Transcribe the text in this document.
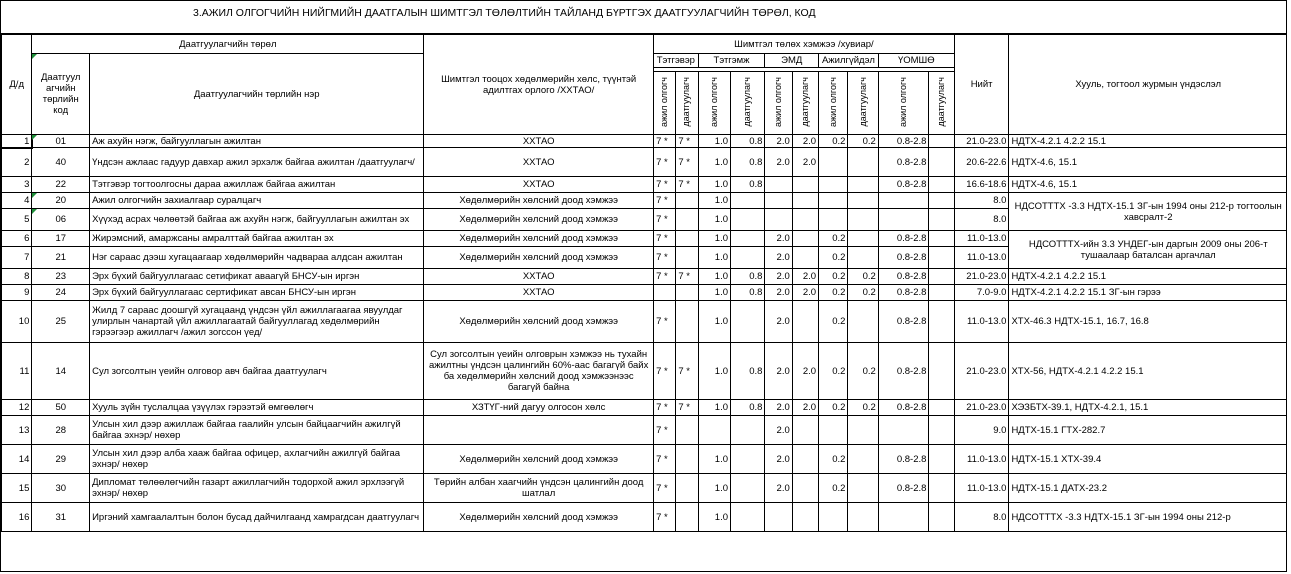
3.АЖИЛ ОЛГОГЧИЙН НИЙГМИЙН ДААТГАЛЫН ШИМТГЭЛ ТӨЛӨЛТИЙН ТАЙЛАНД БҮРТГЭХ ДААТГУУЛАГЧИЙН ТӨРӨЛ, КОД
Д/д	Даатгуулагчийн төрөл		Шимтгэл тооцох хөдөлмөрийн хөлс, түүнтэй адилтгах орлого /ХХТАО/	Шимтгэл төлөх хэмжээ /хувиар/										Нийт	Хууль, тогтоол журмын үндэслэл
	Даатгуул агчийн төрлийн код	Даатгуулагчийн төрлийн нэр		Тэтгэвэр		Тэтгэмж		ЭМД		Ажилгүйдэл		ҮОМШӨ			

				ажил олгогч	даатгуулагч	ажил олгогч	даатгуулагч	ажил олгогч	даатгуулагч	ажил олгогч	даатгуулагч	ажил олгогч	даатгуулагч		
1	01	Аж ахуйн нэгж, байгууллагын ажилтан	ХХТАО	7 *	7 *	1.0	0.8	2.0	2.0	0.2	0.2	0.8-2.8		21.0-23.0	НДТХ-4.2.1 4.2.2 15.1
2	40	Үндсэн ажлаас гадуур давхар ажил эрхэлж байгаа ажилтан /даатгуулагч/	ХХТАО	7 *	7 *	1.0	0.8	2.0	2.0			0.8-2.8		20.6-22.6	НДТХ-4.6, 15.1
3	22	Тэтгэвэр тогтоолгосны дараа ажиллаж байгаа ажилтан	ХХТАО	7 *	7 *	1.0	0.8					0.8-2.8		16.6-18.6	НДТХ-4.6, 15.1
4	20	Ажил олгогчийн захиалгаар суралцагч	Хөдөлмөрийн хөлсний доод хэмжээ	7 *		1.0								8.0	НДСОТТТХ -3.3 НДТХ-15.1 ЗГ-ын 1994 оны 212-р тогтоолын хавсралт-2
5	06	Хүүхэд асрах чөлөөтэй байгаа аж ахуйн нэгж, байгууллагын ажилтан эх	Хөдөлмөрийн хөлсний доод хэмжээ	7 *		1.0								8.0	
6	17	Жирэмсний, амаржсаны амралттай байгаа ажилтан эх	Хөдөлмөрийн хөлсний доод хэмжээ	7 *		1.0		2.0		0.2		0.8-2.8		11.0-13.0	НДСОТТТХ-ийн 3.3 УНДЕГ-ын даргын 2009 оны 206-т тушаалаар баталсан аргачлал
7	21	Нэг сараас дээш хугацаагаар хөдөлмөрийн чадвараа алдсан ажилтан	Хөдөлмөрийн хөлсний доод хэмжээ	7 *		1.0		2.0		0.2		0.8-2.8		11.0-13.0	
8	23	Эрх бүхий байгууллагаас сетификат аваагүй БНСУ-ын иргэн	ХХТАО	7 *	7 *	1.0	0.8	2.0	2.0	0.2	0.2	0.8-2.8		21.0-23.0	НДТХ-4.2.1 4.2.2 15.1
9	24	Эрх бүхий байгууллагаас сертификат авсан БНСУ-ын иргэн	ХХТАО			1.0	0.8	2.0	2.0	0.2	0.2	0.8-2.8		7.0-9.0	НДТХ-4.2.1 4.2.2 15.1 ЗГ-ын гэрээ
10	25	Жилд 7 сараас доошгүй хугацаанд үндсэн үйл ажиллагаагаа явуулдаг улирлын чанартай үйл ажиллагаатай байгууллагад хөдөлмөрийн гэрээгээр ажиллагч /ажил зогссон үед/	Хөдөлмөрийн хөлсний доод хэмжээ	7 *		1.0		2.0		0.2		0.8-2.8		11.0-13.0	ХТХ-46.3 НДТХ-15.1, 16.7, 16.8
11	14	Сул зогсолтын үеийн олговор авч байгаа даатгуулагч	Сул зогсолтын үеийн олговрын хэмжээ нь тухайн ажилтны үндсэн цалингийн 60%-аас багагүй байх ба хөдөлмөрийн хөлсний доод хэмжээнээс багагүй байна	7 *	7 *	1.0	0.8	2.0	2.0	0.2	0.2	0.8-2.8		21.0-23.0	ХТХ-56, НДТХ-4.2.1 4.2.2 15.1
12	50	Хууль зүйн туслалцаа үзүүлэх гэрээтэй өмгөөлөгч	ХЗТҮГ-ний дагуу олгосон хөлс	7 *	7 *	1.0	0.8	2.0	2.0	0.2	0.2	0.8-2.8		21.0-23.0	ХЭЗБТХ-39.1, НДТХ-4.2.1, 15.1
13	28	Улсын хил дээр ажиллаж байгаа гаалийн улсын байцаагчийн ажилгүй байгаа эхнэр/ нөхөр		7 *				2.0						9.0	НДТХ-15.1 ГТХ-282.7
14	29	Улсын хил дээр алба хааж байгаа офицер, ахлагчийн ажилгүй байгаа эхнэр/ нөхөр	Хөдөлмөрийн хөлсний доод хэмжээ	7 *		1.0		2.0		0.2		0.8-2.8		11.0-13.0	НДТХ-15.1 ХТХ-39.4
15	30	Дипломат төлөөлөгчийн газарт ажиллагчийн тодорхой ажил эрхлээгүй эхнэр/ нөхөр	Төрийн албан хаагчийн үндсэн цалингийн доод шатлал	7 *		1.0		2.0		0.2		0.8-2.8		11.0-13.0	НДТХ-15.1 ДАТХ-23.2
16	31	Иргэний хамгаалалтын болон бусад дайчилгаанд хамрагдсан даатгуулагч	Хөдөлмөрийн хөлсний доод хэмжээ	7 *		1.0								8.0	НДСОТТТХ -3.3 НДТХ-15.1 ЗГ-ын 1994 оны 212-р
